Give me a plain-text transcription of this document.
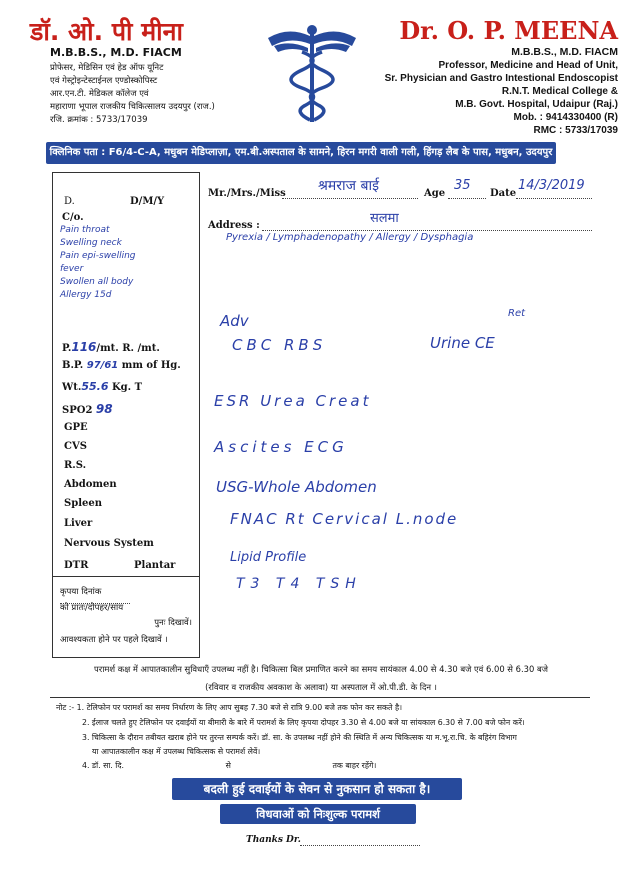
डॉ. ओ. पी मीना
M.B.B.S., M.D. FIACM
प्रोफेसर, मेडिसिन एवं हेड ऑफ यूनिट
एवं गेस्ट्रोइन्टेस्टाईनल एण्डोस्कोपिस्ट
आर.एन.टी. मेडिकल कॉलेज एवं
महाराणा भूपाल राजकीय चिकित्सालय उदयपुर (राज.)
रजि. क्रमांक : 5733/17039
Dr. O. P. MEENA
M.B.B.S., M.D. FIACM
Professor, Medicine and Head of Unit,
Sr. Physician and Gastro Intestional Endoscopist
R.N.T. Medical College &
M.B. Govt. Hospital, Udaipur (Raj.)
Mob. : 9414330400 (R)
RMC : 5733/17039
क्लिनिक पता : F6/4-C-A, मधुबन मेडिप्लाज़ा, एम.बी.अस्पताल के सामने, हिरन मगरी वाली गली, हिंगड़ लैब के पास, मधुबन, उदयपुर (राज.)
D.	D/M/Y
C/o.
Pain throat
Swelling neck
Pain epi-swelling
fever
Swollen all body
Allergy 15d
P.116/mt. R. /mt.
B.P. 97/61 mm of Hg.
Wt.55.6 Kg. T
SPO2 98
GPE
CVS
R.S.
Abdomen
Spleen
Liver
Nervous System
DTR	Plantar
कृपया दिनांक
को प्रातः/दोपहर/सांय
पुनः दिखावें।
आवश्यकता होने पर पहले दिखावें ।
Mr./Mrs./Miss श्रमराज बाई	Age
35
Date
14/3/2019
Address :	सलमा
Pyrexia / Lymphadenopathy / Allergy / Dysphagia
Adv
CBC RBS	Urine CE
Ret
ESR Urea Creat
Ascites ECG
USG-Whole Abdomen
FNAC Rt Cervical L.node
Lipid Profile
T3 T4 TSH
परामर्श कक्ष में आपातकालीन सुविधाएँ उपलब्ध नहीं है। चिकित्सा बिल प्रमाणित करने का समय सायंकाल 4.00 से 4.30 बजे एवं 6.00 से 6.30 बजे
(रविवार व राजकीय अवकाश के अलावा) या अस्पताल में ओ.पी.डी. के दिन ।
नोट :- 1. टेलिफोन पर परामर्श का समय निर्धारण के लिए आप सुबह 7.30 बजे से रात्रि 9.00 बजे तक फोन कर सकते है।
2. ईलाज चलते हुए टेलिफोन पर दवाईयों या बीमारी के बारे में परामर्श के लिए कृपया दोपहर 3.30 से 4.00 बजे या सांयकाल 6.30 से 7.00 बजे फोन करें।
3. चिकित्सा के दौरान तबीयत खराब होने पर तुरन्त सम्पर्क करें। डॉ. सा. के उपलब्ध नहीं होने की स्थिति में अन्य चिकित्सक या म.भू.रा.चि. के बहिरंग विभाग
या आपातकालीन कक्ष में उपलब्ध चिकित्सक से परामर्श लेवें।
4. डॉ. सा. दि.                                         से                                         तक बाहर रहेंगे।
बदली हुई दवाईयों के सेवन से नुकसान हो सकता है।
विधवाओं को निःशुल्क परामर्श
Thanks Dr.
